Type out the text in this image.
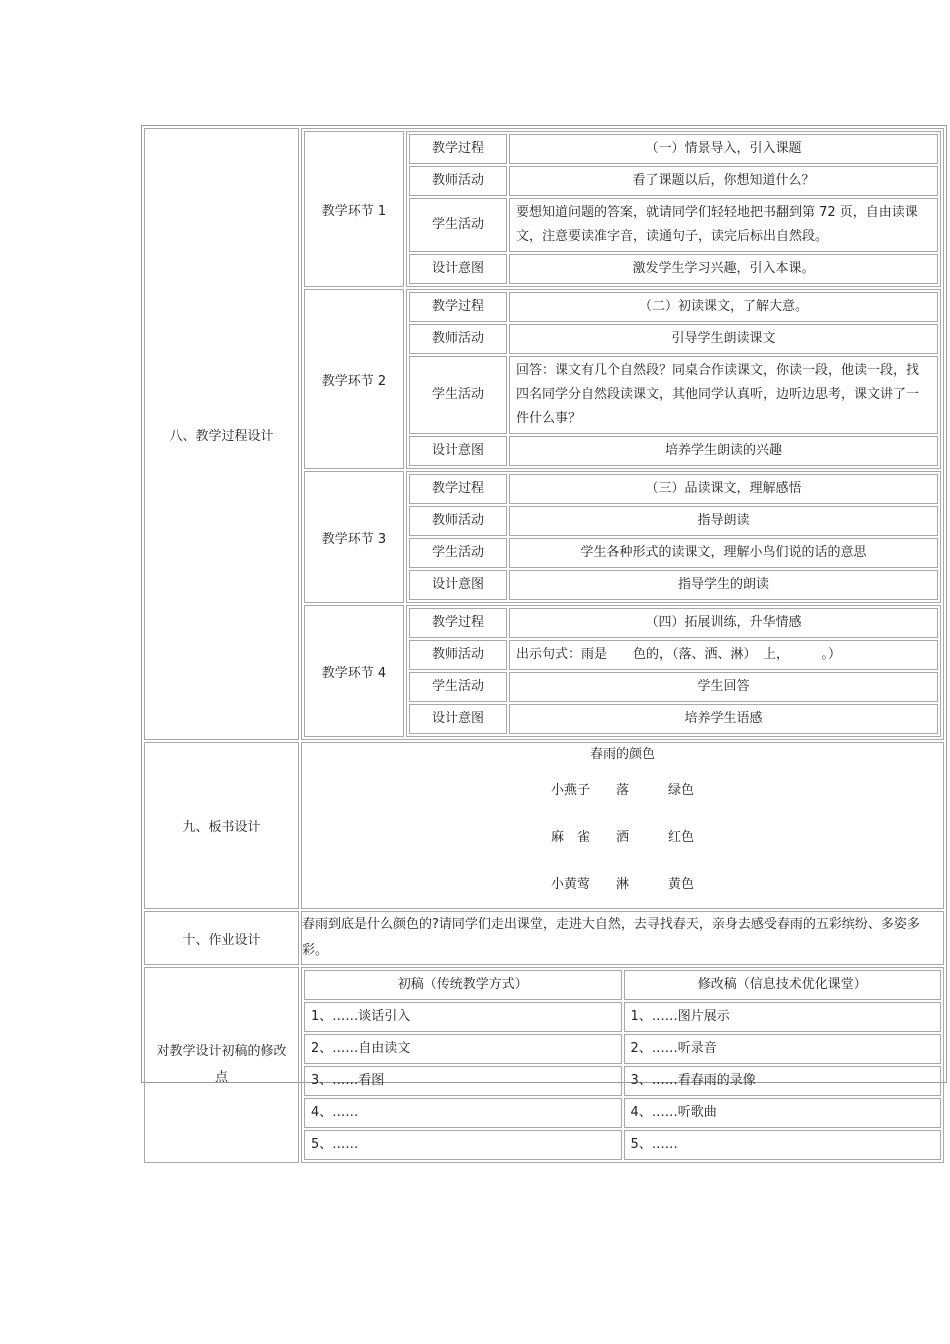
八、教学过程设计	
教学环节 1	
教学过程	（一）情景导入，引入课题
教师活动	看了课题以后，你想知道什么？
学生活动	要想知道问题的答案，就请同学们轻轻地把书翻到第 72 页，自由读课文，注意要读准字音，读通句子，读完后标出自然段。
设计意图	激发学生学习兴趣，引入本课。

教学环节 2	
教学过程	（二）初读课文，了解大意。
教师活动	引导学生朗读课文
学生活动	回答：课文有几个自然段？同桌合作读课文，你读一段，他读一段，找四名同学分自然段读课文，其他同学认真听，边听边思考，课文讲了一件什么事？
设计意图	培养学生朗读的兴趣

教学环节 3	
教学过程	（三）品读课文，理解感悟
教师活动	指导朗读
学生活动	学生各种形式的读课文，理解小鸟们说的话的意思
设计意图	指导学生的朗读

教学环节 4	
教学过程	（四）拓展训练，升华情感
教师活动	出示句式：雨是　　色的，（落、洒、淋）　上，　　　。）
学生活动	学生回答
设计意图	培养学生语感

九、板书设计	
春雨的颜色
小燕子　　落　　　绿色
麻　雀　　洒　　　红色
小黄莺　　淋　　　黄色

十、作业设计	春雨到底是什么颜色的?请同学们走出课堂，走进大自然，去寻找春天，亲身去感受春雨的五彩缤纷、多姿多彩。
对教学设计初稿的修改点	
初稿（传统教学方式）	修改稿（信息技术优化课堂）
1、……谈话引入	1、……图片展示
2、……自由读文	2、……听录音
3、……看图	3、……看春雨的录像
4、……	4、……听歌曲
5、……	5、……
